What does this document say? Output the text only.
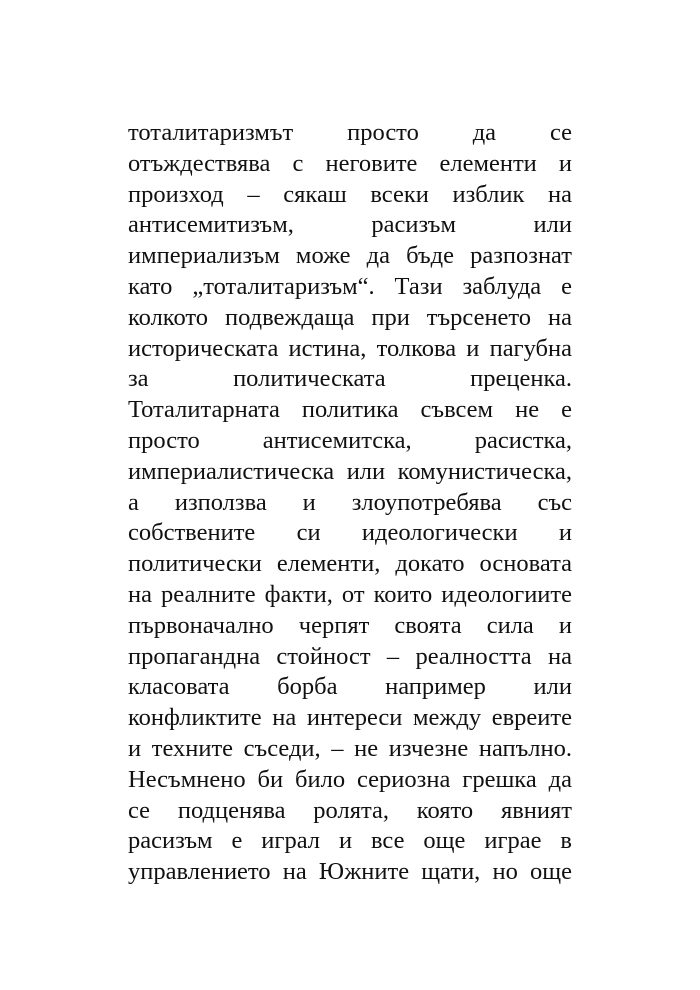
тоталитаризмът просто да се
отъждествява с неговите елементи и
произход – сякаш всеки изблик на
антисемитизъм, расизъм или
империализъм може да бъде разпознат
като „тоталитаризъм“. Тази заблуда е
колкото подвеждаща при търсенето на
историческата истина, толкова и пагубна
за политическата преценка.
Тоталитарната политика съвсем не е
просто антисемитска, расистка,
империалистическа или комунистическа,
а използва и злоупотребява със
собствените си идеологически и
политически елементи, докато основата
на реалните факти, от които идеологиите
първоначално черпят своята сила и
пропагандна стойност – реалността на
класовата борба например или
конфликтите на интереси между евреите
и техните съседи, – не изчезне напълно.
Несъмнено би било сериозна грешка да
се подценява ролята, която явният
расизъм е играл и все още играе в
управлението на Южните щати, но още
